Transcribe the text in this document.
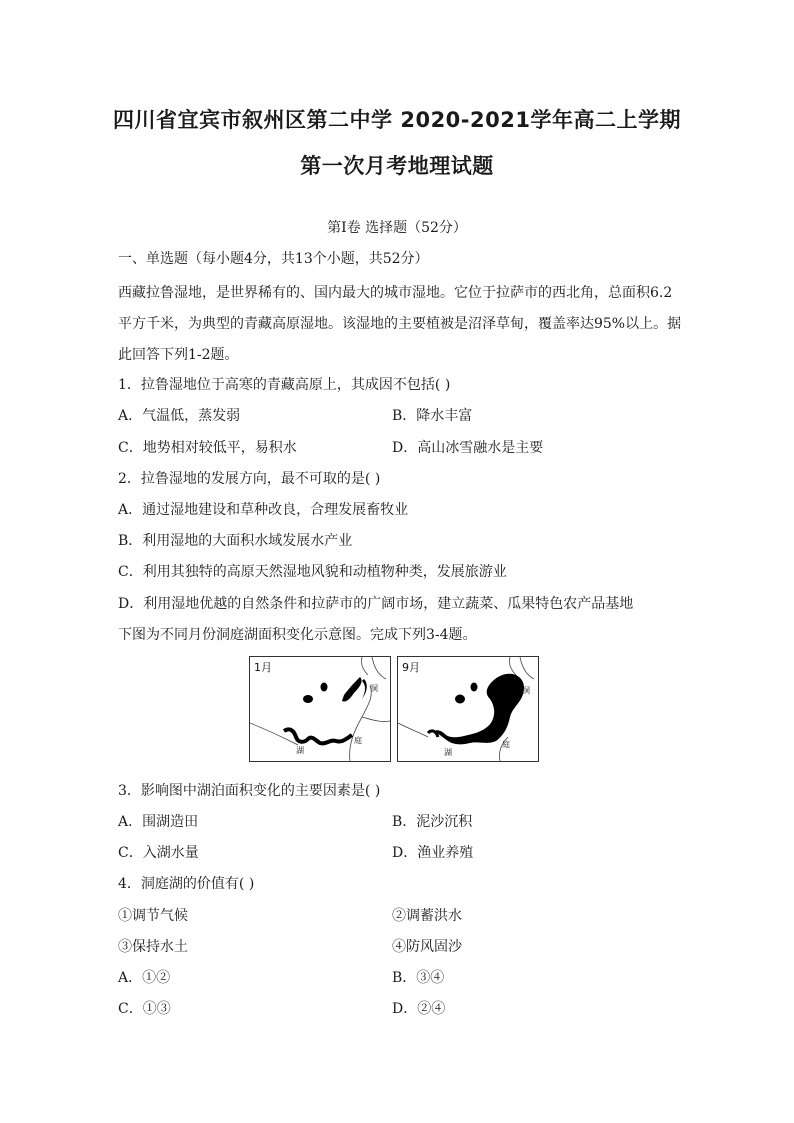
四川省宜宾市叙州区第二中学 2020-2021学年高二上学期
第一次月考地理试题
第Ⅰ卷 选择题（52分）
一、单选题（每小题4分，共13个小题，共52分）
西藏拉鲁湿地，是世界稀有的、国内最大的城市湿地。它位于拉萨市的西北角，总面积6.2
平方千米，为典型的青藏高原湿地。该湿地的主要植被是沼泽草甸，覆盖率达95%以上。据
此回答下列1-2题。
1．拉鲁湿地位于高寒的青藏高原上，其成因不包括( )
A．气温低，蒸发弱	B．降水丰富
C．地势相对较低平，易积水	D．高山冰雪融水是主要
2．拉鲁湿地的发展方向，最不可取的是( )
A．通过湿地建设和草种改良，合理发展畜牧业
B．利用湿地的大面积水域发展水产业
C．利用其独特的高原天然湿地风貌和动植物种类，发展旅游业
D．利用湿地优越的自然条件和拉萨市的广阔市场，建立蔬菜、瓜果特色农产品基地
下图为不同月份洞庭湖面积变化示意图。完成下列3-4题。
1月
洞
湖
庭
9月
洞
湖
庭
3．影响图中湖泊面积变化的主要因素是( )
A．围湖造田	B．泥沙沉积
C．入湖水量	D．渔业养殖
4．洞庭湖的价值有( )
①调节气候	②调蓄洪水
③保持水土	④防风固沙
A．①②	B．③④
C．①③	D．②④
